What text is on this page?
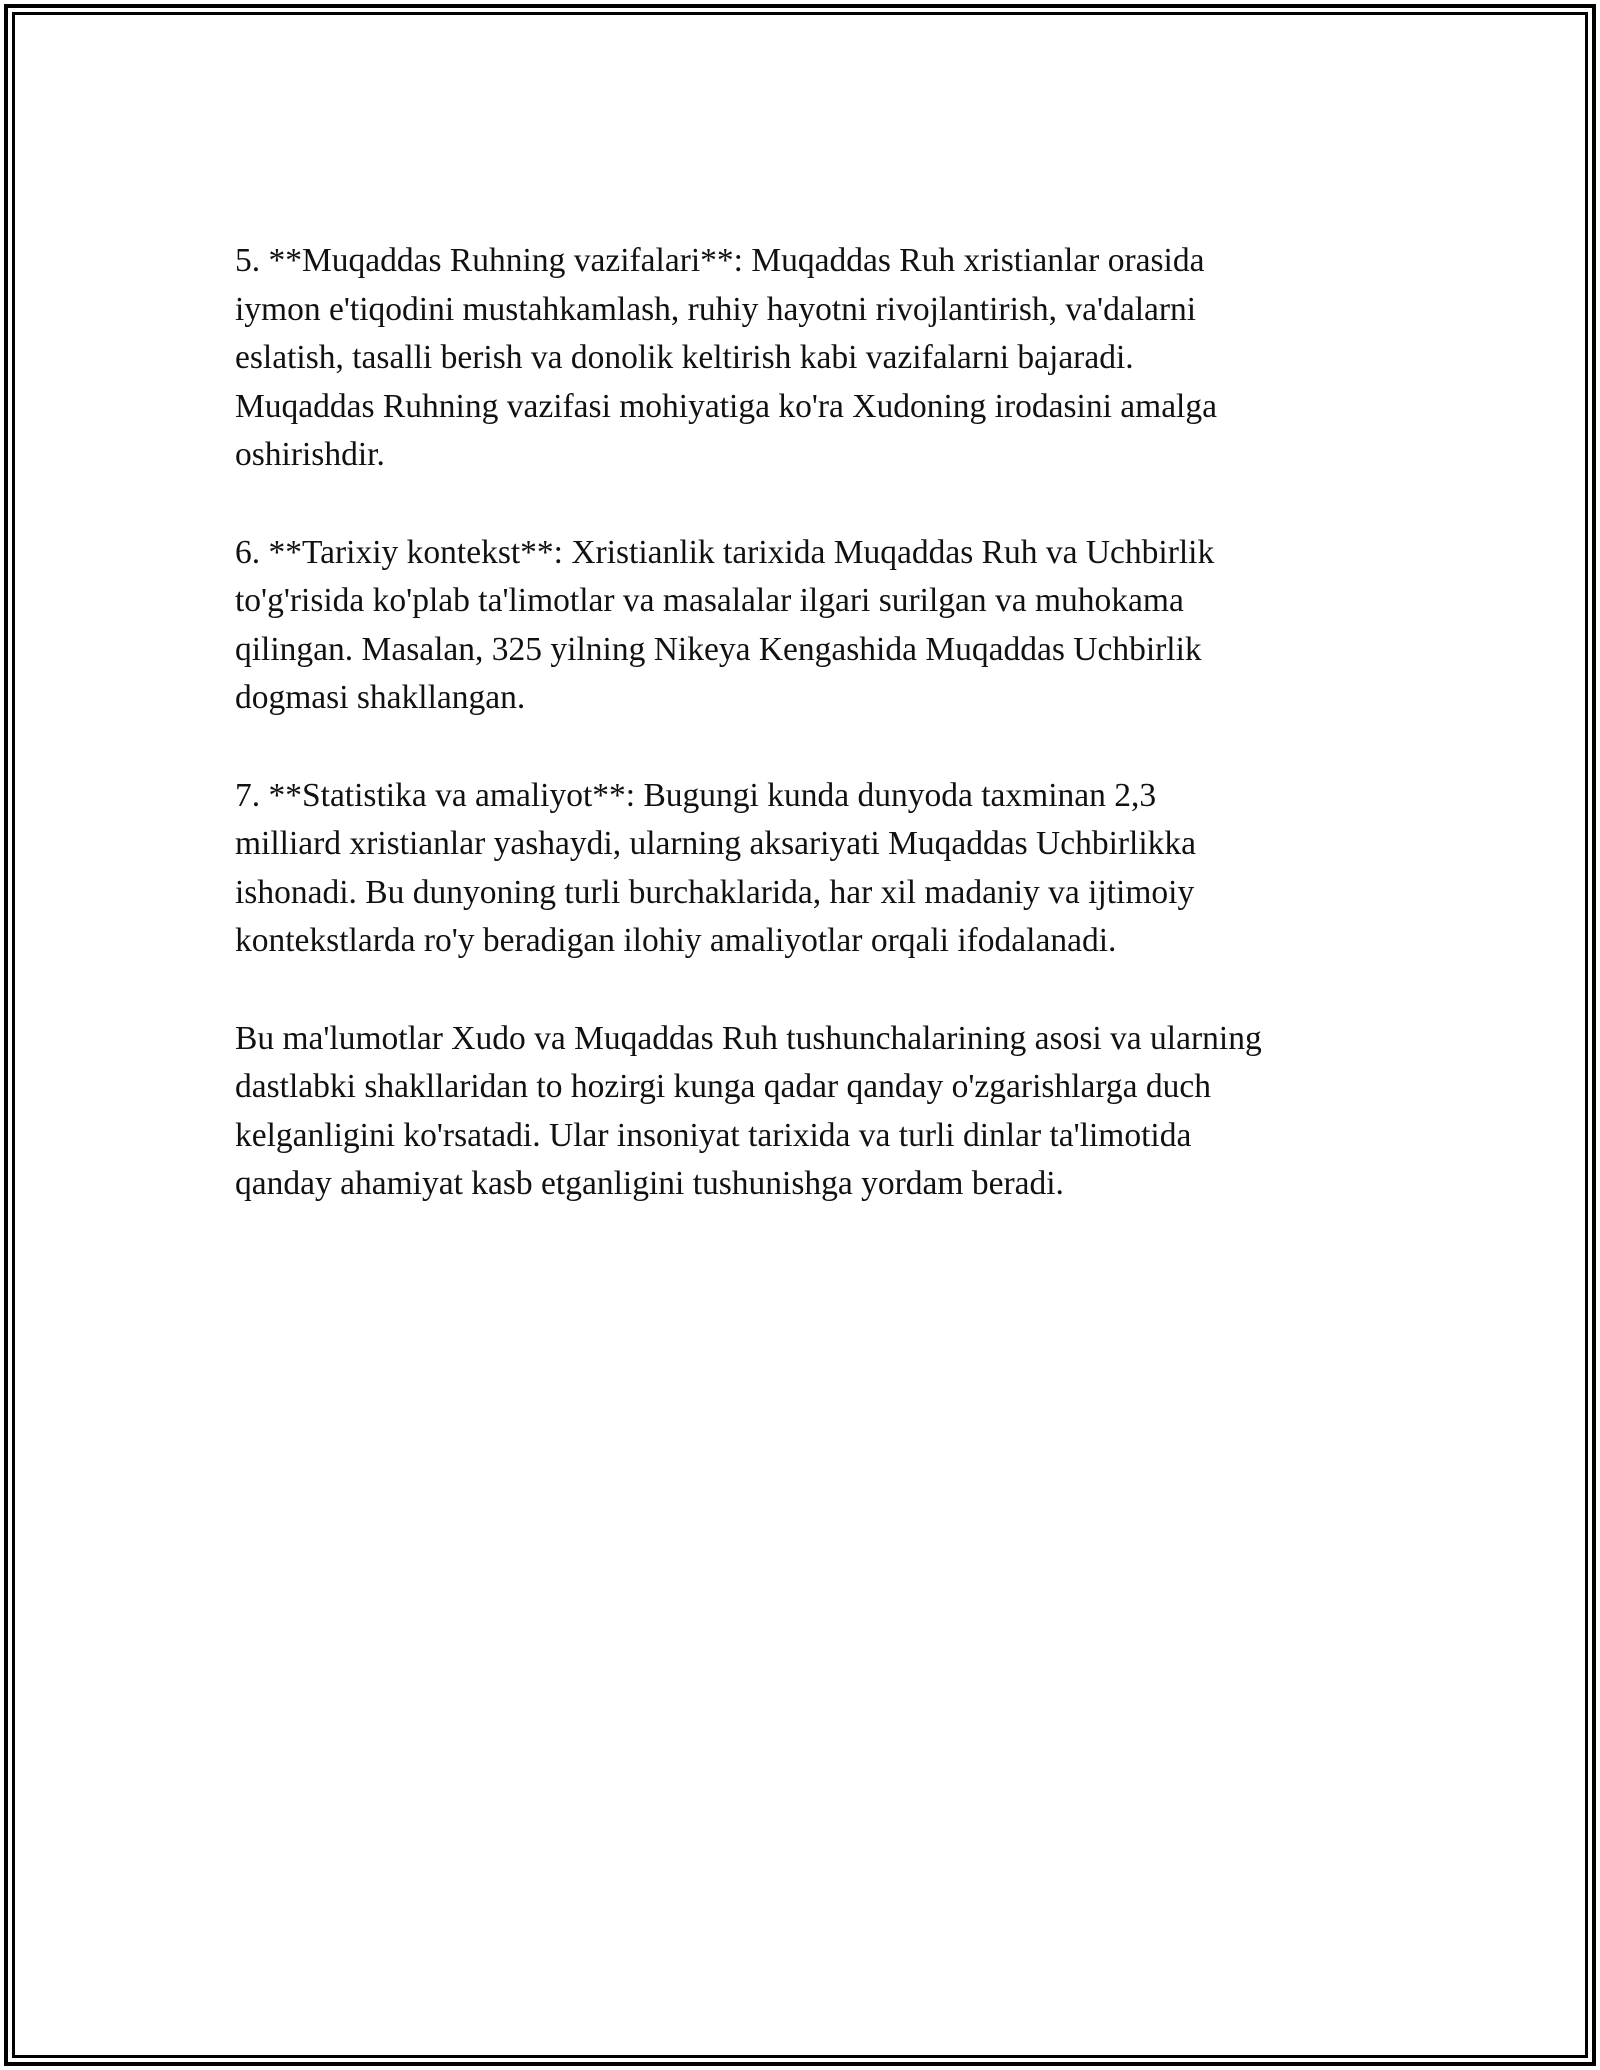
5. **Muqaddas Ruhning vazifalari**: Muqaddas Ruh xristianlar orasida
iymon e'tiqodini mustahkamlash, ruhiy hayotni rivojlantirish, va'dalarni
eslatish, tasalli berish va donolik keltirish kabi vazifalarni bajaradi.
Muqaddas Ruhning vazifasi mohiyatiga ko'ra Xudoning irodasini amalga
oshirishdir.

6. **Tarixiy kontekst**: Xristianlik tarixida Muqaddas Ruh va Uchbirlik
to'g'risida ko'plab ta'limotlar va masalalar ilgari surilgan va muhokama
qilingan. Masalan, 325 yilning Nikeya Kengashida Muqaddas Uchbirlik
dogmasi shakllangan.

7. **Statistika va amaliyot**: Bugungi kunda dunyoda taxminan 2,3
milliard xristianlar yashaydi, ularning aksariyati Muqaddas Uchbirlikka
ishonadi. Bu dunyoning turli burchaklarida, har xil madaniy va ijtimoiy
kontekstlarda ro'y beradigan ilohiy amaliyotlar orqali ifodalanadi.

Bu ma'lumotlar Xudo va Muqaddas Ruh tushunchalarining asosi va ularning
dastlabki shakllaridan to hozirgi kunga qadar qanday o'zgarishlarga duch
kelganligini ko'rsatadi. Ular insoniyat tarixida va turli dinlar ta'limotida
qanday ahamiyat kasb etganligini tushunishga yordam beradi.
